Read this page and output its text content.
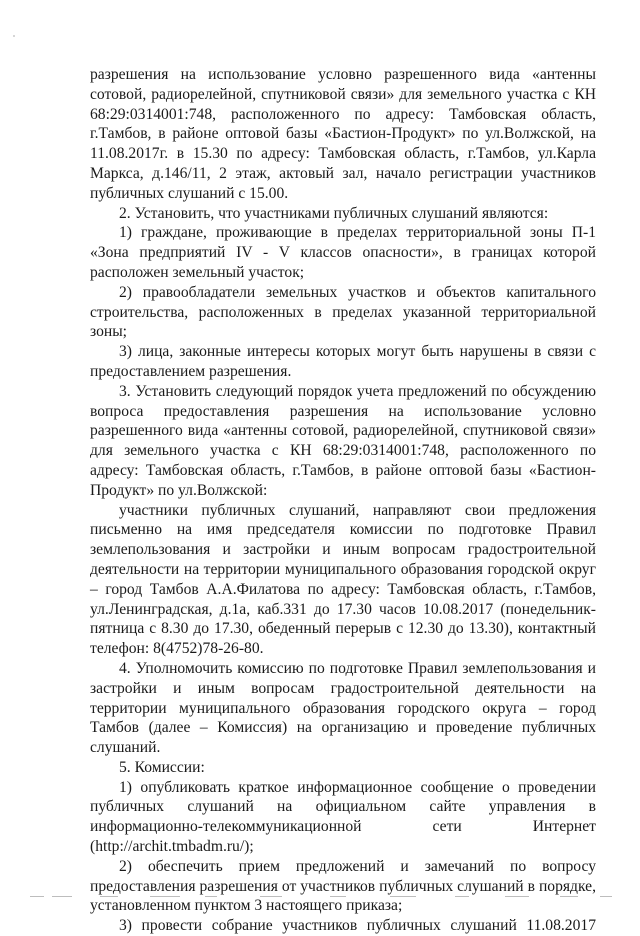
разрешения на использование условно разрешенного вида «антенны сотовой, радиорелейной, спутниковой связи» для земельного участка с КН 68:29:0314001:748, расположенного по адресу: Тамбовская область, г.Тамбов, в районе оптовой базы «Бастион-Продукт» по ул.Волжской, на 11.08.2017г. в 15.30 по адресу: Тамбовская область, г.Тамбов, ул.Карла Маркса, д.146/11, 2 этаж, актовый зал, начало регистрации участников публичных слушаний с 15.00.

2. Установить, что участниками публичных слушаний являются:

1) граждане, проживающие в пределах территориальной зоны П-1 «Зона предприятий IV - V классов опасности», в границах которой расположен земельный участок;

2) правообладатели земельных участков и объектов капитального строительства, расположенных в пределах указанной территориальной зоны;

3) лица, законные интересы которых могут быть нарушены в связи с предоставлением разрешения.

3. Установить следующий порядок учета предложений по обсуждению вопроса предоставления разрешения на использование условно разрешенного вида «антенны сотовой, радиорелейной, спутниковой связи» для земельного участка с КН 68:29:0314001:748, расположенного по адресу: Тамбовская область, г.Тамбов, в районе оптовой базы «Бастион-Продукт» по ул.Волжской:

участники публичных слушаний, направляют свои предложения письменно на имя председателя комиссии по подготовке Правил землепользования и застройки и иным вопросам градостроительной деятельности на территории муниципального образования городской округ – город Тамбов А.А.Филатова по адресу: Тамбовская область, г.Тамбов, ул.Ленинградская, д.1а, каб.331 до 17.30 часов 10.08.2017 (понедельник-пятница с 8.30 до 17.30, обеденный перерыв с 12.30 до 13.30), контактный телефон: 8(4752)78-26-80.

4. Уполномочить комиссию по подготовке Правил землепользования и застройки и иным вопросам градостроительной деятельности на территории муниципального образования городского округа – город Тамбов (далее – Комиссия) на организацию и проведение публичных слушаний.

5. Комиссии:

1) опубликовать краткое информационное сообщение о проведении публичных слушаний на официальном сайте управления в информационно-телекоммуникационной сети Интернет (http://archit.tmbadm.ru/);

2) обеспечить прием предложений и замечаний по вопросу предоставления разрешения от участников публичных слушаний в порядке, установленном пунктом 3 настоящего приказа;

3) провести собрание участников публичных слушаний 11.08.2017
